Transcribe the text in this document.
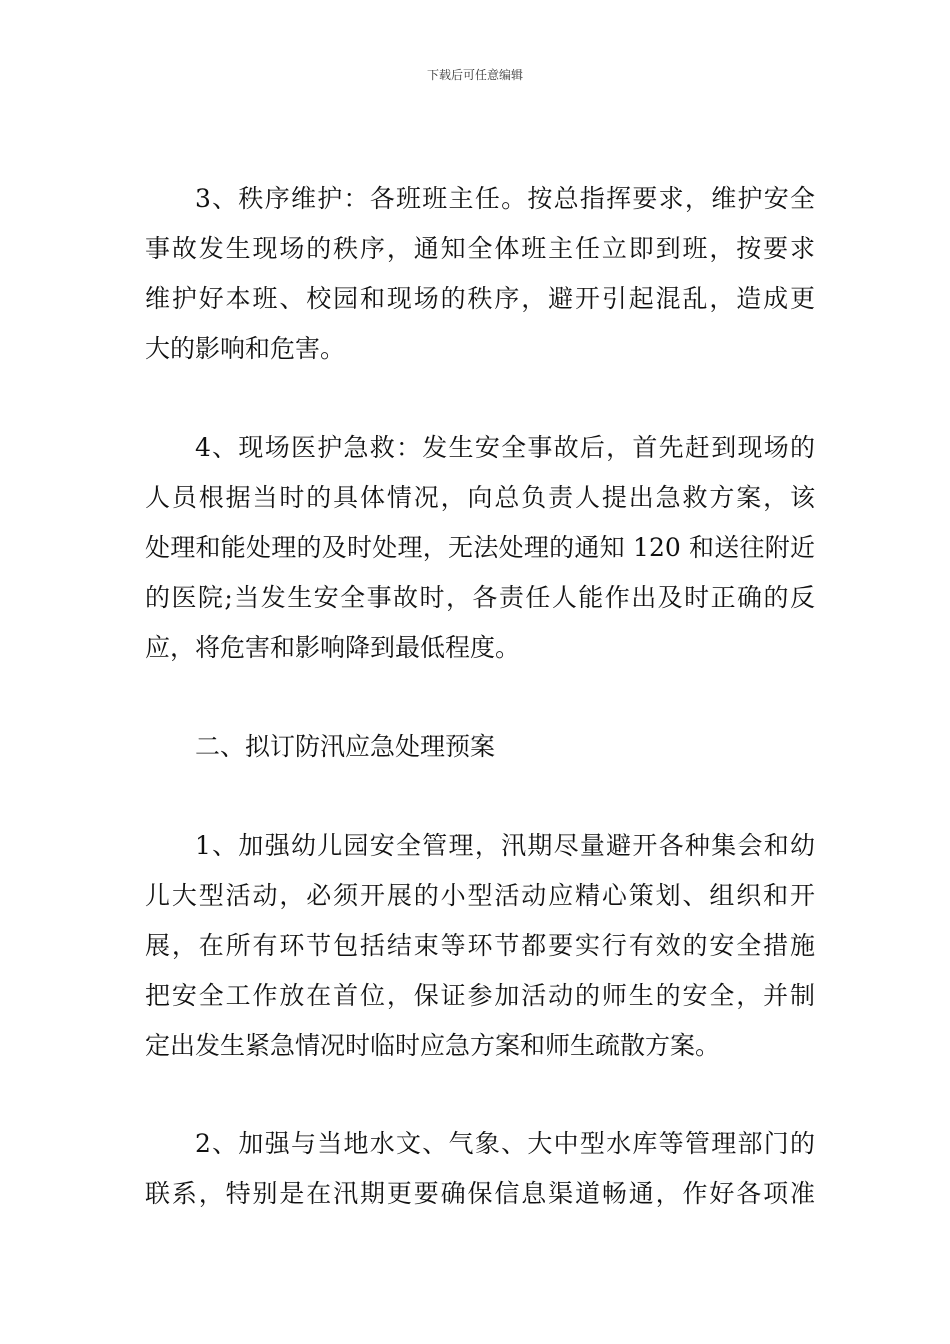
下载后可任意编辑
3、秩序维护：各班班主任。按总指挥要求，维护安全
事故发生现场的秩序，通知全体班主任立即到班，按要求
维护好本班、校园和现场的秩序，避开引起混乱，造成更
大的影响和危害。
4、现场医护急救：发生安全事故后，首先赶到现场的
人员根据当时的具体情况，向总负责人提出急救方案，该
处理和能处理的及时处理，无法处理的通知 120 和送往附近
的医院;当发生安全事故时，各责任人能作出及时正确的反
应，将危害和影响降到最低程度。
二、拟订防汛应急处理预案
1、加强幼儿园安全管理，汛期尽量避开各种集会和幼
儿大型活动，必须开展的小型活动应精心策划、组织和开
展，在所有环节包括结束等环节都要实行有效的安全措施
把安全工作放在首位，保证参加活动的师生的安全，并制
定出发生紧急情况时临时应急方案和师生疏散方案。
2、加强与当地水文、气象、大中型水库等管理部门的
联系，特别是在汛期更要确保信息渠道畅通，作好各项准
